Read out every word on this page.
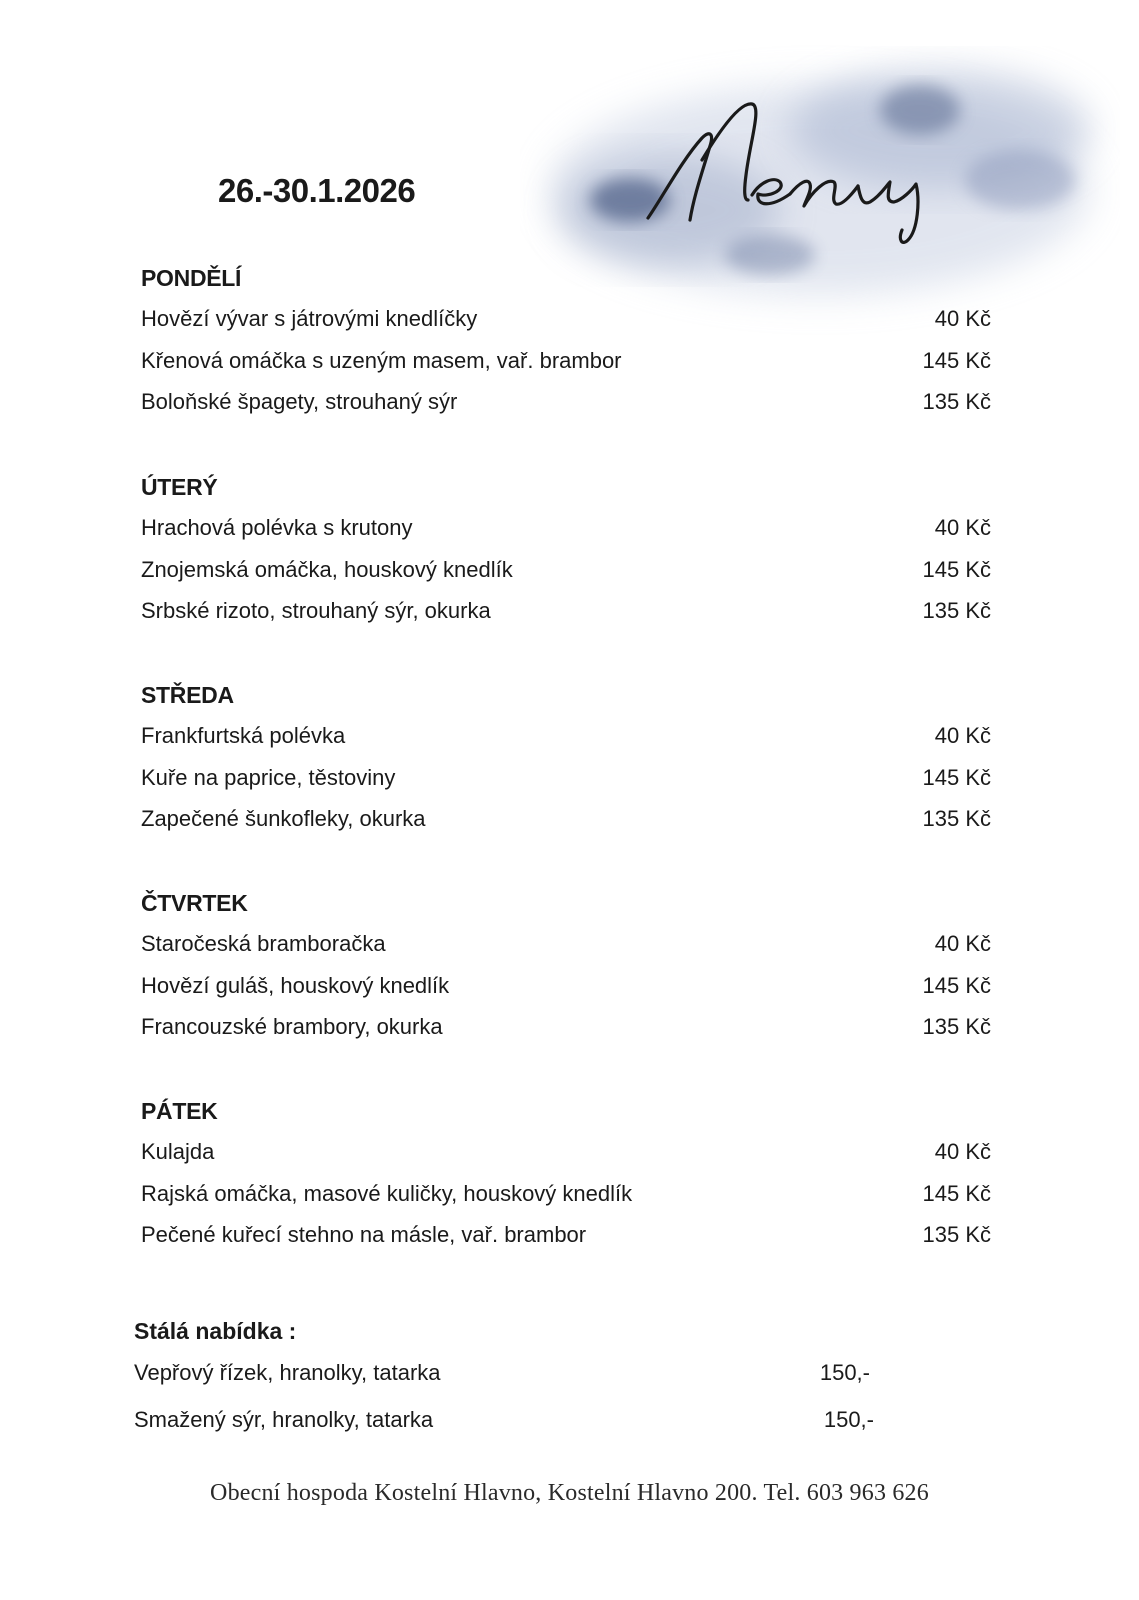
26.-30.1.2026
PONDĚLÍ
Hovězí vývar s játrovými knedlíčky	40 Kč
Křenová omáčka s uzeným masem, vař. brambor	145 Kč
Boloňské špagety, strouhaný sýr	135 Kč
ÚTERÝ
Hrachová polévka s krutony	40 Kč
Znojemská omáčka, houskový knedlík	145 Kč
Srbské rizoto, strouhaný sýr, okurka	135 Kč
STŘEDA
Frankfurtská polévka	40 Kč
Kuře na paprice, těstoviny	145 Kč
Zapečené šunkofleky, okurka	135 Kč
ČTVRTEK
Staročeská bramboračka	40 Kč
Hovězí guláš, houskový knedlík	145 Kč
Francouzské brambory, okurka	135 Kč
PÁTEK
Kulajda	40 Kč
Rajská omáčka, masové kuličky, houskový knedlík	145 Kč
Pečené kuřecí stehno na másle, vař. brambor	135 Kč
Stálá nabídka :
Vepřový řízek, hranolky, tatarka	150,-
Smažený sýr, hranolky, tatarka	150,-
Obecní hospoda Kostelní Hlavno, Kostelní Hlavno 200. Tel. 603 963 626
